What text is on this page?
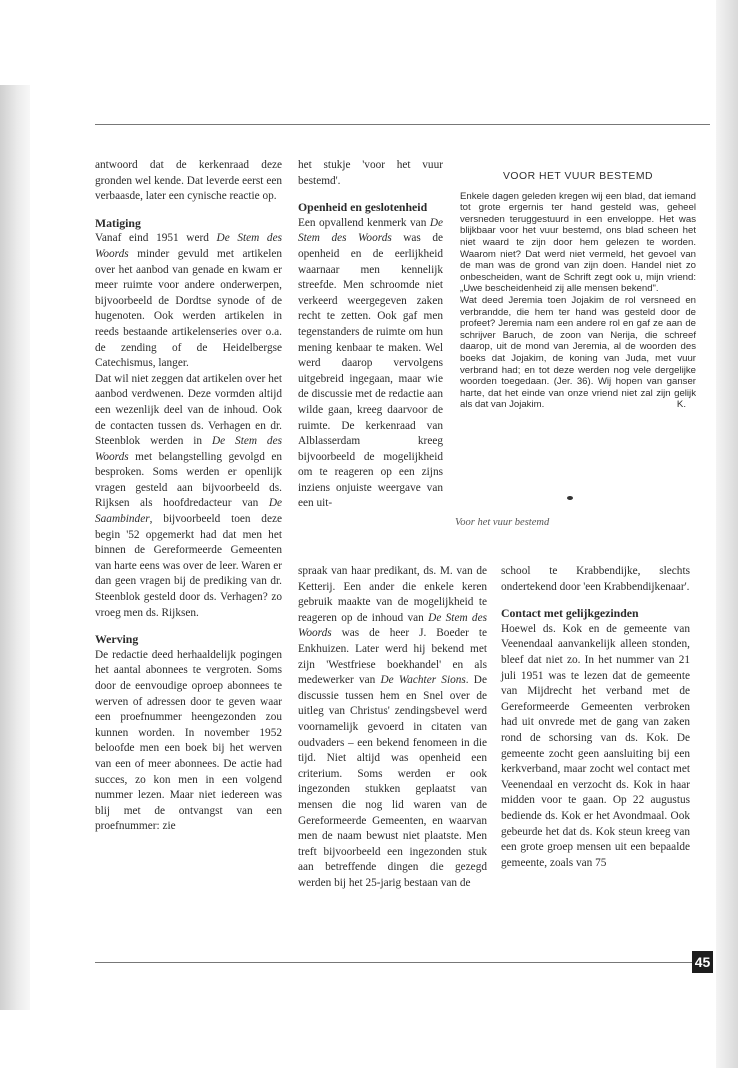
antwoord dat de kerkenraad deze gronden wel kende. Dat leverde eerst een verbaasde, later een cynische reactie op.

Matiging

Vanaf eind 1951 werd De Stem des Woords minder gevuld met artikelen over het aanbod van genade en kwam er meer ruimte voor andere onderwerpen, bijvoorbeeld de Dordtse synode of de hugenoten. Ook werden artikelen in reeds bestaande artikelenseries over o.a. de zending of de Heidelbergse Catechismus, langer.

Dat wil niet zeggen dat artikelen over het aanbod verdwenen. Deze vormden altijd een wezenlijk deel van de inhoud. Ook de contacten tussen ds. Verhagen en dr. Steenblok werden in De Stem des Woords met belangstelling gevolgd en besproken. Soms werden er openlijk vragen gesteld aan bijvoorbeeld ds. Rijksen als hoofdredacteur van De Saambinder, bijvoorbeeld toen deze begin '52 opgemerkt had dat men het binnen de Gereformeerde Gemeenten van harte eens was over de leer. Waren er dan geen vragen bij de prediking van dr. Steenblok gesteld door ds. Verhagen? zo vroeg men ds. Rijksen.

Werving

De redactie deed herhaaldelijk pogingen het aantal abonnees te vergroten. Soms door de eenvoudige oproep abonnees te werven of adressen door te geven waar een proefnummer heengezonden zou kunnen worden. In november 1952 beloofde men een boek bij het werven van een of meer abonnees. De actie had succes, zo kon men in een volgend nummer lezen. Maar niet iedereen was blij met de ontvangst van een proefnummer: zie

het stukje 'voor het vuur bestemd'.

Openheid en geslotenheid

Een opvallend kenmerk van De Stem des Woords was de openheid en de eerlijkheid waarnaar men kennelijk streefde. Men schroomde niet verkeerd weergegeven zaken recht te zetten. Ook gaf men tegenstanders de ruimte om hun mening kenbaar te maken. Wel werd daarop vervolgens uitgebreid ingegaan, maar wie de discussie met de redactie aan wilde gaan, kreeg daarvoor de ruimte. De kerkenraad van Alblasserdam kreeg bijvoorbeeld de mogelijkheid om te reageren op een zijns inziens onjuiste weergave van een uit-

spraak van haar predikant, ds. M. van de Ketterij. Een ander die enkele keren gebruik maakte van de mogelijkheid te reageren op de inhoud van De Stem des Woords was de heer J. Boeder te Enkhuizen. Later werd hij bekend met zijn 'Westfriese boekhandel' en als medewerker van De Wachter Sions. De discussie tussen hem en Snel over de uitleg van Christus' zendingsbevel werd voornamelijk gevoerd in citaten van oudvaders – een bekend fenomeen in die tijd. Niet altijd was openheid een criterium. Soms werden er ook ingezonden stukken geplaatst van mensen die nog lid waren van de Gereformeerde Gemeenten, en waarvan men de naam bewust niet plaatste. Men treft bijvoorbeeld een ingezonden stuk aan betreffende dingen die gezegd werden bij het 25-jarig bestaan van de

school te Krabbendijke, slechts ondertekend door 'een Krabbendijkenaar'.

Contact met gelijkgezinden

Hoewel ds. Kok en de gemeente van Veenendaal aanvankelijk alleen stonden, bleef dat niet zo. In het nummer van 21 juli 1951 was te lezen dat de gemeente van Mijdrecht het verband met de Gereformeerde Gemeenten verbroken had uit onvrede met de gang van zaken rond de schorsing van ds. Kok. De gemeente zocht geen aansluiting bij een kerkverband, maar zocht wel contact met Veenendaal en verzocht ds. Kok in haar midden voor te gaan. Op 22 augustus bediende ds. Kok er het Avondmaal. Ook gebeurde het dat ds. Kok steun kreeg van een grote groep mensen uit een bepaalde gemeente, zoals van 75

VOOR HET VUUR BESTEMD

Enkele dagen geleden kregen wij een blad, dat iemand tot grote ergernis ter hand gesteld was, geheel versneden teruggestuurd in een enveloppe. Het was blijkbaar voor het vuur bestemd, ons blad scheen het niet waard te zijn door hem gelezen te worden. Waarom niet? Dat werd niet vermeld, het gevoel van de man was de grond van zijn doen. Handel niet zo onbescheiden, want de Schrift zegt ook u, mijn vriend: „Uwe bescheidenheid zij alle mensen bekend".

Wat deed Jeremia toen Jojakim de rol versneed en verbrandde, die hem ter hand was gesteld door de profeet? Jeremia nam een andere rol en gaf ze aan de schrijver Baruch, de zoon van Nerija, die schreef daarop, uit de mond van Jeremia, al de woorden des boeks dat Jojakim, de koning van Juda, met vuur verbrand had; en tot deze werden nog vele dergelijke woorden toegedaan. (Jer. 36). Wij hopen van ganser harte, dat het einde van onze vriend niet zal zijn gelijk als dat van Jojakim.	K.
Voor het vuur bestemd
45
